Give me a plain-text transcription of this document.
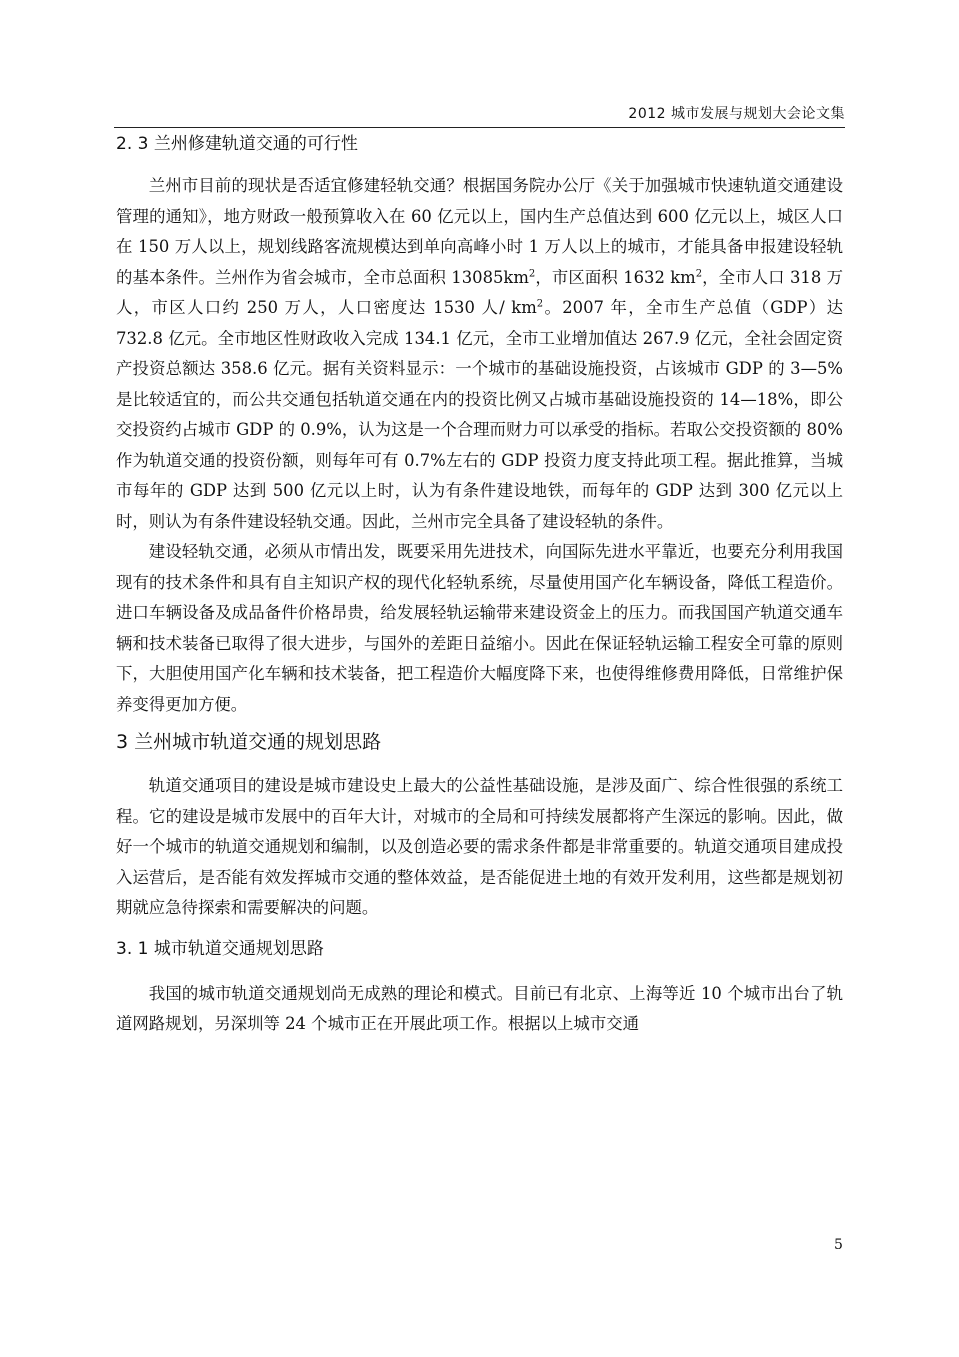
2012 城市发展与规划大会论文集
2. 3 兰州修建轨道交通的可行性

兰州市目前的现状是否适宜修建轻轨交通？根据国务院办公厅《关于加强城市快速轨道交通建设管理的通知》，地方财政一般预算收入在 60 亿元以上，国内生产总值达到 600 亿元以上，城区人口在 150 万人以上，规划线路客流规模达到单向高峰小时 1 万人以上的城市，才能具备申报建设轻轨的基本条件。兰州作为省会城市，全市总面积 $13085km^2$，市区面积 1632 $km^2$，全市人口 318 万人，市区人口约 250 万人，人口密度达 1530 人/ $km^2$。2007 年，全市生产总值（GDP）达 732.8 亿元。全市地区性财政收入完成 134.1 亿元，全市工业增加值达 267.9 亿元，全社会固定资产投资总额达 358.6 亿元。据有关资料显示：一个城市的基础设施投资，占该城市 GDP 的 3—5%是比较适宜的，而公共交通包括轨道交通在内的投资比例又占城市基础设施投资的 14—18%，即公交投资约占城市 GDP 的 0.9%，认为这是一个合理而财力可以承受的指标。若取公交投资额的 80%作为轨道交通的投资份额，则每年可有 0.7%左右的 GDP 投资力度支持此项工程。据此推算，当城市每年的 GDP 达到 500 亿元以上时，认为有条件建设地铁，而每年的 GDP 达到 300 亿元以上时，则认为有条件建设轻轨交通。因此，兰州市完全具备了建设轻轨的条件。

建设轻轨交通，必须从市情出发，既要采用先进技术，向国际先进水平靠近，也要充分利用我国现有的技术条件和具有自主知识产权的现代化轻轨系统，尽量使用国产化车辆设备，降低工程造价。进口车辆设备及成品备件价格昂贵，给发展轻轨运输带来建设资金上的压力。而我国国产轨道交通车辆和技术装备已取得了很大进步，与国外的差距日益缩小。因此在保证轻轨运输工程安全可靠的原则下，大胆使用国产化车辆和技术装备，把工程造价大幅度降下来，也使得维修费用降低，日常维护保养变得更加方便。

3 兰州城市轨道交通的规划思路

轨道交通项目的建设是城市建设史上最大的公益性基础设施，是涉及面广、综合性很强的系统工程。它的建设是城市发展中的百年大计，对城市的全局和可持续发展都将产生深远的影响。因此，做好一个城市的轨道交通规划和编制，以及创造必要的需求条件都是非常重要的。轨道交通项目建成投入运营后，是否能有效发挥城市交通的整体效益，是否能促进土地的有效开发利用，这些都是规划初期就应急待探索和需要解决的问题。

3. 1 城市轨道交通规划思路

我国的城市轨道交通规划尚无成熟的理论和模式。目前已有北京、上海等近 10 个城市出台了轨道网路规划，另深圳等 24 个城市正在开展此项工作。根据以上城市交通

5
